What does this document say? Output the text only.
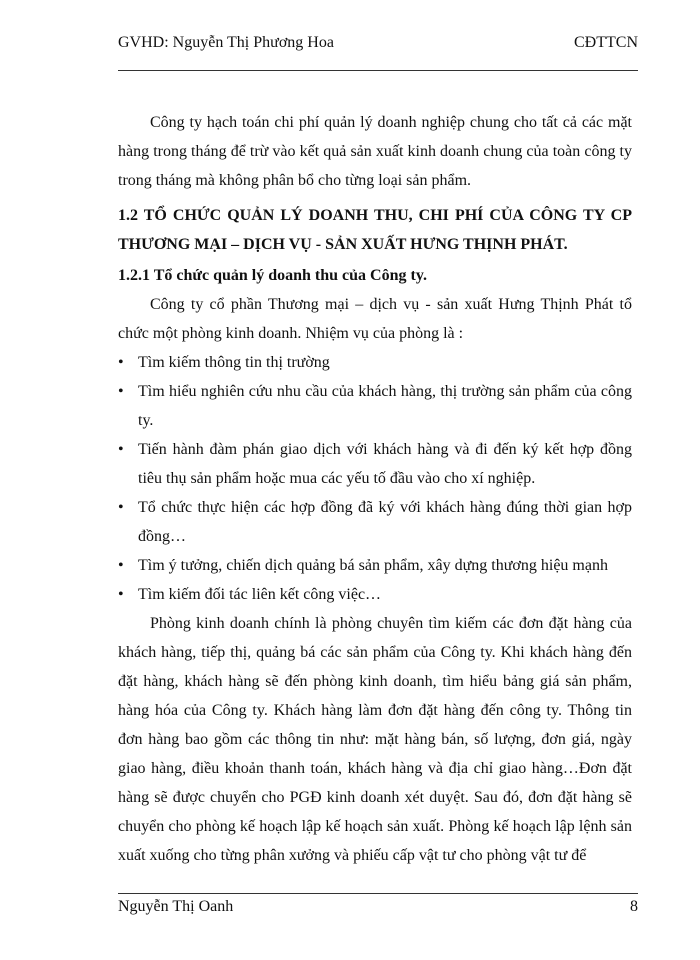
GVHD: Nguyễn Thị Phương Hoa	CĐTTCN

Công ty hạch toán chi phí quản lý doanh nghiệp chung cho tất cả các mặt hàng trong tháng để trừ vào kết quả sản xuất kinh doanh chung của toàn công ty trong tháng mà không phân bổ cho từng loại sản phẩm.

1.2 TỔ CHỨC QUẢN LÝ DOANH THU, CHI PHÍ CỦA CÔNG TY CP THƯƠNG MẠI – DỊCH VỤ - SẢN XUẤT HƯNG THỊNH PHÁT.

1.2.1 Tổ chức quản lý doanh thu của Công ty.

Công ty cổ phần Thương mại – dịch vụ - sản xuất Hưng Thịnh Phát tổ chức một phòng kinh doanh. Nhiệm vụ của phòng là :

• Tìm kiếm thông tin thị trường
• Tìm hiểu nghiên cứu nhu cầu của khách hàng, thị trường sản phẩm của công ty.
• Tiến hành đàm phán giao dịch với khách hàng và đi đến ký kết hợp đồng tiêu thụ sản phẩm hoặc mua các yếu tố đầu vào cho xí nghiệp.
• Tổ chức thực hiện các hợp đồng đã ký với khách hàng đúng thời gian hợp đồng…
• Tìm ý tưởng, chiến dịch quảng bá sản phẩm, xây dựng thương hiệu mạnh
• Tìm kiếm đối tác liên kết công việc…

Phòng kinh doanh chính là phòng chuyên tìm kiếm các đơn đặt hàng của khách hàng, tiếp thị, quảng bá các sản phẩm của Công ty. Khi khách hàng đến đặt hàng, khách hàng sẽ đến phòng kinh doanh, tìm hiểu bảng giá sản phẩm, hàng hóa của Công ty. Khách hàng làm đơn đặt hàng đến công ty. Thông tin đơn hàng bao gồm các thông tin như: mặt hàng bán, số lượng, đơn giá, ngày giao hàng, điều khoản thanh toán, khách hàng và địa chỉ giao hàng…Đơn đặt hàng sẽ được chuyển cho PGĐ kinh doanh xét duyệt. Sau đó, đơn đặt hàng sẽ chuyển cho phòng kế hoạch lập kế hoạch sản xuất. Phòng kế hoạch lập lệnh sản xuất xuống cho từng phân xưởng và phiếu cấp vật tư cho phòng vật tư để

Nguyễn Thị Oanh	8
